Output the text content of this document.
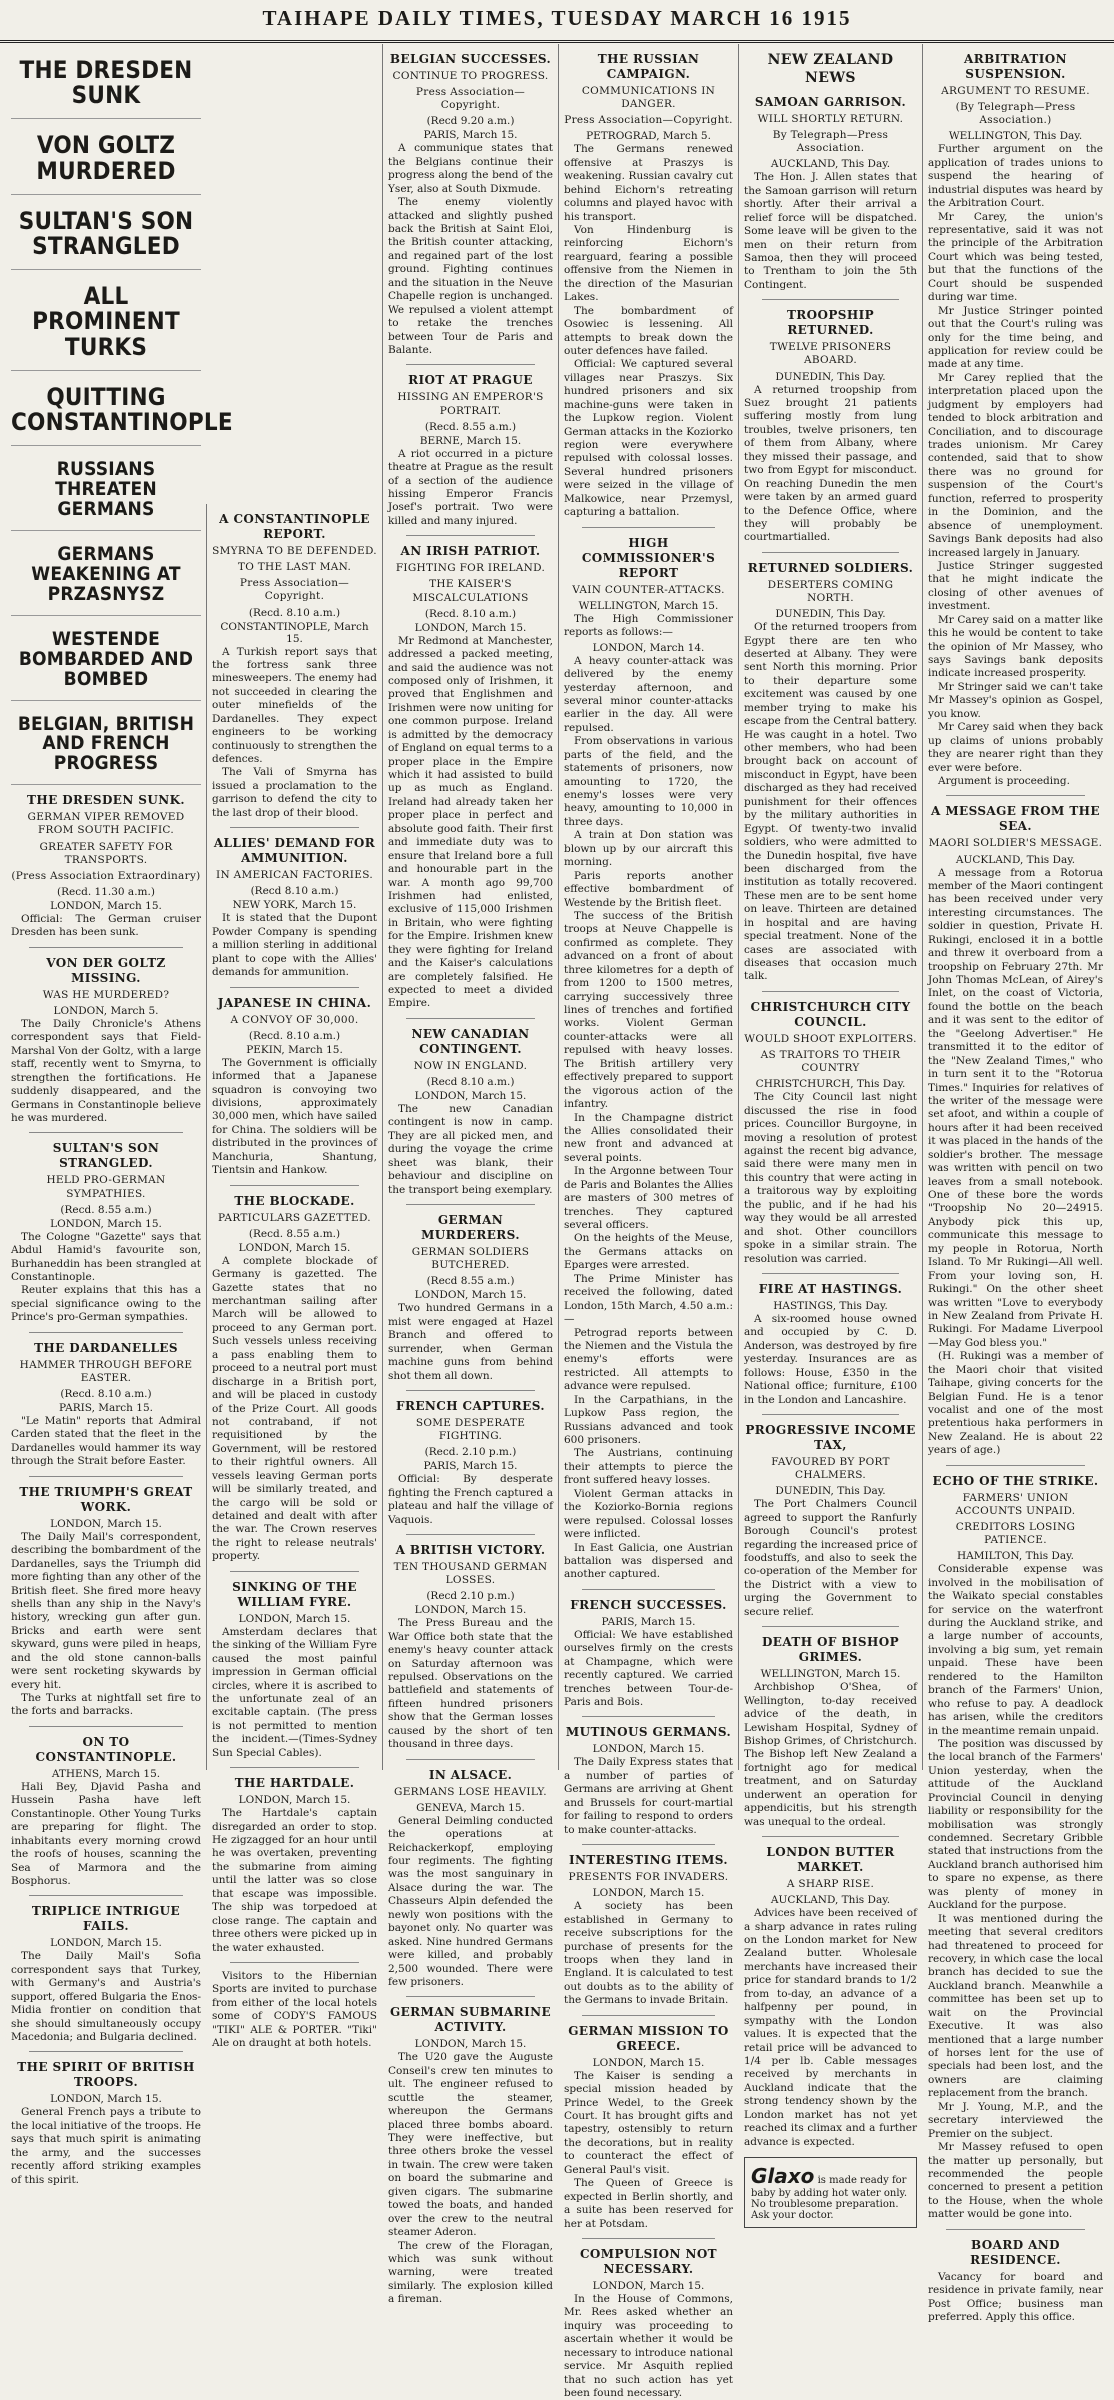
TAIHAPE DAILY TIMES, TUESDAY MARCH 16 1915
THE DRESDEN SUNK
VON GOLTZ MURDERED
SULTAN'S SON STRANGLED
ALL PROMINENT TURKS
QUITTING CONSTANTINOPLE
RUSSIANS THREATEN GERMANS
GERMANS WEAKENING AT PRZASNYSZ
WESTENDE BOMBARDED AND BOMBED
BELGIAN, BRITISH AND FRENCH PROGRESS
THE DRESDEN SUNK.
GERMAN VIPER REMOVED FROM SOUTH PACIFIC.
GREATER SAFETY FOR TRANSPORTS.
(Press Association Extraordinary)
(Recd. 11.30 a.m.)
LONDON, March 15.

Official: The German cruiser Dresden has been sunk.

VON DER GOLTZ MISSING.
WAS HE MURDERED?
LONDON, March 5.

The Daily Chronicle's Athens correspondent says that Field-Marshal Von der Goltz, with a large staff, recently went to Smyrna, to strengthen the fortifications. He suddenly disappeared, and the Germans in Constantinople believe he was murdered.

SULTAN'S SON STRANGLED.
HELD PRO-GERMAN SYMPATHIES.
(Recd. 8.55 a.m.)
LONDON, March 15.

The Cologne "Gazette" says that Abdul Hamid's favourite son, Burhaneddin has been strangled at Constantinople.

Reuter explains that this has a special significance owing to the Prince's pro-German sympathies.

THE DARDANELLES
HAMMER THROUGH BEFORE EASTER.
(Recd. 8.10 a.m.)
PARIS, March 15.

"Le Matin" reports that Admiral Carden stated that the fleet in the Dardanelles would hammer its way through the Strait before Easter.

THE TRIUMPH'S GREAT WORK.
LONDON, March 15.

The Daily Mail's correspondent, describing the bombardment of the Dardanelles, says the Triumph did more fighting than any other of the British fleet. She fired more heavy shells than any ship in the Navy's history, wrecking gun after gun. Bricks and earth were sent skyward, guns were piled in heaps, and the old stone cannon-balls were sent rocketing skywards by every hit.

The Turks at nightfall set fire to the forts and barracks.

ON TO CONSTANTINOPLE.
ATHENS, March 15.

Hali Bey, Djavid Pasha and Hussein Pasha have left Constantinople. Other Young Turks are preparing for flight. The inhabitants every morning crowd the roofs of houses, scanning the Sea of Marmora and the Bosphorus.

TRIPLICE INTRIGUE FAILS.
LONDON, March 15.

The Daily Mail's Sofia correspondent says that Turkey, with Germany's and Austria's support, offered Bulgaria the Enos-Midia frontier on condition that she should simultaneously occupy Macedonia; and Bulgaria declined.

THE SPIRIT OF BRITISH TROOPS.
LONDON, March 15.

General French pays a tribute to the local initiative of the troops. He says that much spirit is animating the army, and the successes recently afford striking examples of this spirit.

A CONSTANTINOPLE REPORT.
SMYRNA TO BE DEFENDED.
TO THE LAST MAN.
Press Association—Copyright.
(Recd. 8.10 a.m.)
CONSTANTINOPLE, March 15.

A Turkish report says that the fortress sank three minesweepers. The enemy had not succeeded in clearing the outer minefields of the Dardanelles. They expect engineers to be working continuously to strengthen the defences.

The Vali of Smyrna has issued a proclamation to the garrison to defend the city to the last drop of their blood.

ALLIES' DEMAND FOR AMMUNITION.
IN AMERICAN FACTORIES.
(Recd 8.10 a.m.)
NEW YORK, March 15.

It is stated that the Dupont Powder Company is spending a million sterling in additional plant to cope with the Allies' demands for ammunition.

JAPANESE IN CHINA.
A CONVOY OF 30,000.
(Recd. 8.10 a.m.)
PEKIN, March 15.

The Government is officially informed that a Japanese squadron is convoying two divisions, approximately 30,000 men, which have sailed for China. The soldiers will be distributed in the provinces of Manchuria, Shantung, Tientsin and Hankow.

THE BLOCKADE.
PARTICULARS GAZETTED.
(Recd. 8.55 a.m.)
LONDON, March 15.

A complete blockade of Germany is gazetted. The Gazette states that no merchantman sailing after March will be allowed to proceed to any German port. Such vessels unless receiving a pass enabling them to proceed to a neutral port must discharge in a British port, and will be placed in custody of the Prize Court. All goods not contraband, if not requisitioned by the Government, will be restored to their rightful owners. All vessels leaving German ports will be similarly treated, and the cargo will be sold or detained and dealt with after the war. The Crown reserves the right to release neutrals' property.

SINKING OF THE WILLIAM FYRE.
LONDON, March 15.

Amsterdam declares that the sinking of the William Fyre caused the most painful impression in German official circles, where it is ascribed to the unfortunate zeal of an excitable captain. (The press is not permitted to mention the incident.—(Times-Sydney Sun Special Cables).

THE HARTDALE.
LONDON, March 15.

The Hartdale's captain disregarded an order to stop. He zigzagged for an hour until he was overtaken, preventing the submarine from aiming until the latter was so close that escape was impossible. The ship was torpedoed at close range. The captain and three others were picked up in the water exhausted.

Visitors to the Hibernian Sports are invited to purchase from either of the local hotels some of CODY'S FAMOUS "TIKI" ALE & PORTER. "Tiki" Ale on draught at both hotels.

BELGIAN SUCCESSES.
CONTINUE TO PROGRESS.
Press Association—Copyright.
(Recd 9.20 a.m.)
PARIS, March 15.

A communique states that the Belgians continue their progress along the bend of the Yser, also at South Dixmude.

The enemy violently attacked and slightly pushed back the British at Saint Eloi, the British counter attacking, and regained part of the lost ground. Fighting continues and the situation in the Neuve Chapelle region is unchanged. We repulsed a violent attempt to retake the trenches between Tour de Paris and Balante.

RIOT AT PRAGUE
HISSING AN EMPEROR'S PORTRAIT.
(Recd. 8.55 a.m.)
BERNE, March 15.

A riot occurred in a picture theatre at Prague as the result of a section of the audience hissing Emperor Francis Josef's portrait. Two were killed and many injured.

AN IRISH PATRIOT.
FIGHTING FOR IRELAND.
THE KAISER'S MISCALCULATIONS
(Recd. 8.10 a.m.)
LONDON, March 15.

Mr Redmond at Manchester, addressed a packed meeting, and said the audience was not composed only of Irishmen, it proved that Englishmen and Irishmen were now uniting for one common purpose. Ireland is admitted by the democracy of England on equal terms to a proper place in the Empire which it had assisted to build up as much as England. Ireland had already taken her proper place in perfect and absolute good faith. Their first and immediate duty was to ensure that Ireland bore a full and honourable part in the war. A month ago 99,700 Irishmen had enlisted, exclusive of 115,000 Irishmen in Britain, who were fighting for the Empire. Irishmen knew they were fighting for Ireland and the Kaiser's calculations are completely falsified. He expected to meet a divided Empire.

NEW CANADIAN CONTINGENT.
NOW IN ENGLAND.
(Recd 8.10 a.m.)
LONDON, March 15.

The new Canadian contingent is now in camp. They are all picked men, and during the voyage the crime sheet was blank, their behaviour and discipline on the transport being exemplary.

GERMAN MURDERERS.
GERMAN SOLDIERS BUTCHERED.
(Recd 8.55 a.m.)
LONDON, March 15.

Two hundred Germans in a mist were engaged at Hazel Branch and offered to surrender, when German machine guns from behind shot them all down.

FRENCH CAPTURES.
SOME DESPERATE FIGHTING.
(Recd. 2.10 p.m.)
PARIS, March 15.

Official: By desperate fighting the French captured a plateau and half the village of Vaquois.

A BRITISH VICTORY.
TEN THOUSAND GERMAN LOSSES.
(Recd 2.10 p.m.)
LONDON, March 15.

The Press Bureau and the War Office both state that the enemy's heavy counter attack on Saturday afternoon was repulsed. Observations on the battlefield and statements of fifteen hundred prisoners show that the German losses caused by the short of ten thousand in three days.

IN ALSACE.
GERMANS LOSE HEAVILY.
GENEVA, March 15.

General Deimling conducted the operations at Reichackerkopf, employing four regiments. The fighting was the most sanguinary in Alsace during the war. The Chasseurs Alpin defended the newly won positions with the bayonet only. No quarter was asked. Nine hundred Germans were killed, and probably 2,500 wounded. There were few prisoners.

GERMAN SUBMARINE ACTIVITY.
LONDON, March 15.

The U20 gave the Auguste Conseil's crew ten minutes to ult. The engineer refused to scuttle the steamer, whereupon the Germans placed three bombs aboard. They were ineffective, but three others broke the vessel in twain. The crew were taken on board the submarine and given cigars. The submarine towed the boats, and handed over the crew to the neutral steamer Aderon.

The crew of the Floragan, which was sunk without warning, were treated similarly. The explosion killed a fireman.

THE RUSSIAN CAMPAIGN.
COMMUNICATIONS IN DANGER.
Press Association—Copyright.
PETROGRAD, March 5.

The Germans renewed offensive at Praszys is weakening. Russian cavalry cut behind Eichorn's retreating columns and played havoc with his transport.

Von Hindenburg is reinforcing Eichorn's rearguard, fearing a possible offensive from the Niemen in the direction of the Masurian Lakes.

The bombardment of Osowiec is lessening. All attempts to break down the outer defences have failed.

Official: We captured several villages near Praszys. Six hundred prisoners and six machine-guns were taken in the Lupkow region. Violent German attacks in the Koziorko region were everywhere repulsed with colossal losses. Several hundred prisoners were seized in the village of Malkowice, near Przemysl, capturing a battalion.

HIGH COMMISSIONER'S REPORT
VAIN COUNTER-ATTACKS.
WELLINGTON, March 15.

The High Commissioner reports as follows:—

LONDON, March 14.

A heavy counter-attack was delivered by the enemy yesterday afternoon, and several minor counter-attacks earlier in the day. All were repulsed.

From observations in various parts of the field, and the statements of prisoners, now amounting to 1720, the enemy's losses were very heavy, amounting to 10,000 in three days.

A train at Don station was blown up by our aircraft this morning.

Paris reports another effective bombardment of Westende by the British fleet.

The success of the British troops at Neuve Chappelle is confirmed as complete. They advanced on a front of about three kilometres for a depth of from 1200 to 1500 metres, carrying successively three lines of trenches and fortified works. Violent German counter-attacks were all repulsed with heavy losses. The British artillery very effectively prepared to support the vigorous action of the infantry.

In the Champagne district the Allies consolidated their new front and advanced at several points.

In the Argonne between Tour de Paris and Bolantes the Allies are masters of 300 metres of trenches. They captured several officers.

On the heights of the Meuse, the Germans attacks on Eparges were arrested.

The Prime Minister has received the following, dated London, 15th March, 4.50 a.m.:—

Petrograd reports between the Niemen and the Vistula the enemy's efforts were restricted. All attempts to advance were repulsed.

In the Carpathians, in the Lupkow Pass region, the Russians advanced and took 600 prisoners.

The Austrians, continuing their attempts to pierce the front suffered heavy losses.

Violent German attacks in the Koziorko-Bornia regions were repulsed. Colossal losses were inflicted.

In East Galicia, one Austrian battalion was dispersed and another captured.

FRENCH SUCCESSES.
PARIS, March 15.

Official: We have established ourselves firmly on the crests at Champagne, which were recently captured. We carried trenches between Tour-de-Paris and Bois.

MUTINOUS GERMANS.
LONDON, March 15.

The Daily Express states that a number of parties of Germans are arriving at Ghent and Brussels for court-martial for failing to respond to orders to make counter-attacks.

INTERESTING ITEMS.
PRESENTS FOR INVADERS.
LONDON, March 15.

A society has been established in Germany to receive subscriptions for the purchase of presents for the troops when they land in England. It is calculated to test out doubts as to the ability of the Germans to invade Britain.

GERMAN MISSION TO GREECE.
LONDON, March 15.

The Kaiser is sending a special mission headed by Prince Wedel, to the Greek Court. It has brought gifts and tapestry, ostensibly to return the decorations, but in reality to counteract the effect of General Paul's visit.

The Queen of Greece is expected in Berlin shortly, and a suite has been reserved for her at Potsdam.

COMPULSION NOT NECESSARY.
LONDON, March 15.

In the House of Commons, Mr. Rees asked whether an inquiry was proceeding to ascertain whether it would be necessary to introduce national service. Mr Asquith replied that no such action has yet been found necessary.

NEW ZEALAND NEWS
SAMOAN GARRISON.
WILL SHORTLY RETURN.
By Telegraph—Press Association.
AUCKLAND, This Day.

The Hon. J. Allen states that the Samoan garrison will return shortly. After their arrival a relief force will be dispatched. Some leave will be given to the men on their return from Samoa, then they will proceed to Trentham to join the 5th Contingent.

TROOPSHIP RETURNED.
TWELVE PRISONERS ABOARD.
DUNEDIN, This Day.

A returned troopship from Suez brought 21 patients suffering mostly from lung troubles, twelve prisoners, ten of them from Albany, where they missed their passage, and two from Egypt for misconduct. On reaching Dunedin the men were taken by an armed guard to the Defence Office, where they will probably be courtmartialled.

RETURNED SOLDIERS.
DESERTERS COMING NORTH.
DUNEDIN, This Day.

Of the returned troopers from Egypt there are ten who deserted at Albany. They were sent North this morning. Prior to their departure some excitement was caused by one member trying to make his escape from the Central battery. He was caught in a hotel. Two other members, who had been brought back on account of misconduct in Egypt, have been discharged as they had received punishment for their offences by the military authorities in Egypt. Of twenty-two invalid soldiers, who were admitted to the Dunedin hospital, five have been discharged from the institution as totally recovered. These men are to be sent home on leave. Thirteen are detained in hospital and are having special treatment. None of the cases are associated with diseases that occasion much talk.

CHRISTCHURCH CITY COUNCIL.
WOULD SHOOT EXPLOITERS.
AS TRAITORS TO THEIR COUNTRY
CHRISTCHURCH, This Day.

The City Council last night discussed the rise in food prices. Councillor Burgoyne, in moving a resolution of protest against the recent big advance, said there were many men in this country that were acting in a traitorous way by exploiting the public, and if he had his way they would be all arrested and shot. Other councillors spoke in a similar strain. The resolution was carried.

FIRE AT HASTINGS.
HASTINGS, This Day.

A six-roomed house owned and occupied by C. D. Anderson, was destroyed by fire yesterday. Insurances are as follows: House, £350 in the National office; furniture, £100 in the London and Lancashire.

PROGRESSIVE INCOME TAX,
FAVOURED BY PORT CHALMERS.
DUNEDIN, This Day.

The Port Chalmers Council agreed to support the Ranfurly Borough Council's protest regarding the increased price of foodstuffs, and also to seek the co-operation of the Member for the District with a view to urging the Government to secure relief.

DEATH OF BISHOP GRIMES.
WELLINGTON, March 15.

Archbishop O'Shea, of Wellington, to-day received advice of the death, in Lewisham Hospital, Sydney of Bishop Grimes, of Christchurch. The Bishop left New Zealand a fortnight ago for medical treatment, and on Saturday underwent an operation for appendicitis, but his strength was unequal to the ordeal.

LONDON BUTTER MARKET.
A SHARP RISE.
AUCKLAND, This Day.

Advices have been received of a sharp advance in rates ruling on the London market for New Zealand butter. Wholesale merchants have increased their price for standard brands to 1/2 from to-day, an advance of a halfpenny per pound, in sympathy with the London values. It is expected that the retail price will be advanced to 1/4 per lb. Cable messages received by merchants in Auckland indicate that the strong tendency shown by the London market has not yet reached its climax and a further advance is expected.

Glaxo is made ready for baby by adding hot water only. No troublesome preparation. Ask your doctor.
ARBITRATION SUSPENSION.
ARGUMENT TO RESUME.
(By Telegraph—Press Association.)
WELLINGTON, This Day.

Further argument on the application of trades unions to suspend the hearing of industrial disputes was heard by the Arbitration Court.

Mr Carey, the union's representative, said it was not the principle of the Arbitration Court which was being tested, but that the functions of the Court should be suspended during war time.

Mr Justice Stringer pointed out that the Court's ruling was only for the time being, and application for review could be made at any time.

Mr Carey replied that the interpretation placed upon the judgment by employers had tended to block arbitration and Conciliation, and to discourage trades unionism. Mr Carey contended, said that to show there was no ground for suspension of the Court's function, referred to prosperity in the Dominion, and the absence of unemployment. Savings Bank deposits had also increased largely in January.

Justice Stringer suggested that he might indicate the closing of other avenues of investment.

Mr Carey said on a matter like this he would be content to take the opinion of Mr Massey, who says Savings bank deposits indicate increased prosperity.

Mr Stringer said we can't take Mr Massey's opinion as Gospel, you know.

Mr Carey said when they back up claims of unions probably they are nearer right than they ever were before.

Argument is proceeding.

A MESSAGE FROM THE SEA.
MAORI SOLDIER'S MESSAGE.
AUCKLAND, This Day.

A message from a Rotorua member of the Maori contingent has been received under very interesting circumstances. The soldier in question, Private H. Rukingi, enclosed it in a bottle and threw it overboard from a troopship on February 27th. Mr John Thomas McLean, of Airey's Inlet, on the coast of Victoria, found the bottle on the beach and it was sent to the editor of the "Geelong Advertiser." He transmitted it to the editor of the "New Zealand Times," who in turn sent it to the "Rotorua Times." Inquiries for relatives of the writer of the message were set afoot, and within a couple of hours after it had been received it was placed in the hands of the soldier's brother. The message was written with pencil on two leaves from a small notebook. One of these bore the words "Troopship No 20—24915. Anybody pick this up, communicate this message to my people in Rotorua, North Island. To Mr Rukingi—All well. From your loving son, H. Rukingi." On the other sheet was written "Love to everybody in New Zealand from Private H. Rukingi. For Madame Liverpool—May God bless you."

(H. Rukingi was a member of the Maori choir that visited Taihape, giving concerts for the Belgian Fund. He is a tenor vocalist and one of the most pretentious haka performers in New Zealand. He is about 22 years of age.)

ECHO OF THE STRIKE.
FARMERS' UNION ACCOUNTS UNPAID.
CREDITORS LOSING PATIENCE.
HAMILTON, This Day.

Considerable expense was involved in the mobilisation of the Waikato special constables for service on the waterfront during the Auckland strike, and a large number of accounts, involving a big sum, yet remain unpaid. These have been rendered to the Hamilton branch of the Farmers' Union, who refuse to pay. A deadlock has arisen, while the creditors in the meantime remain unpaid.

The position was discussed by the local branch of the Farmers' Union yesterday, when the attitude of the Auckland Provincial Council in denying liability or responsibility for the mobilisation was strongly condemned. Secretary Gribble stated that instructions from the Auckland branch authorised him to spare no expense, as there was plenty of money in Auckland for the purpose.

It was mentioned during the meeting that several creditors had threatened to proceed for recovery, in which case the local branch has decided to sue the Auckland branch. Meanwhile a committee has been set up to wait on the Provincial Executive. It was also mentioned that a large number of horses lent for the use of specials had been lost, and the owners are claiming replacement from the branch.

Mr J. Young, M.P., and the secretary interviewed the Premier on the subject.

Mr Massey refused to open the matter up personally, but recommended the people concerned to present a petition to the House, when the whole matter would be gone into.

BOARD AND RESIDENCE.

Vacancy for board and residence in private family, near Post Office; business man preferred. Apply this office.
